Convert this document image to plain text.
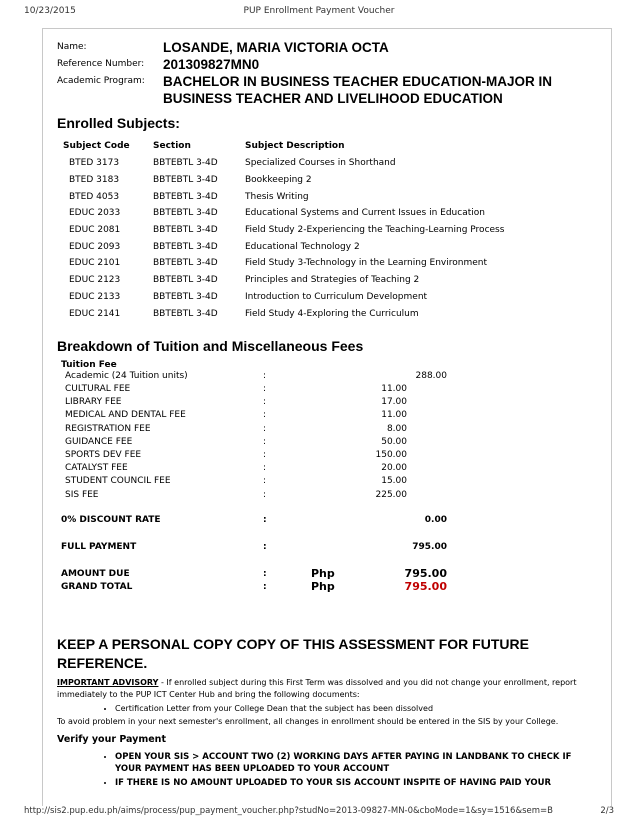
10/23/2015	PUP Enrollment Payment Voucher
Name:	LOSANDE, MARIA VICTORIA OCTA
Reference Number:	201309827MN0
Academic Program:	BACHELOR IN BUSINESS TEACHER EDUCATION-MAJOR IN BUSINESS TEACHER AND LIVELIHOOD EDUCATION
Enrolled Subjects:
Subject Code	Section	Subject Description
BTED 3173	BBTEBTL 3-4D	Specialized Courses in Shorthand
BTED 3183	BBTEBTL 3-4D	Bookkeeping 2
BTED 4053	BBTEBTL 3-4D	Thesis Writing
EDUC 2033	BBTEBTL 3-4D	Educational Systems and Current Issues in Education
EDUC 2081	BBTEBTL 3-4D	Field Study 2-Experiencing the Teaching-Learning Process
EDUC 2093	BBTEBTL 3-4D	Educational Technology 2
EDUC 2101	BBTEBTL 3-4D	Field Study 3-Technology in the Learning Environment
EDUC 2123	BBTEBTL 3-4D	Principles and Strategies of Teaching 2
EDUC 2133	BBTEBTL 3-4D	Introduction to Curriculum Development
EDUC 2141	BBTEBTL 3-4D	Field Study 4-Exploring the Curriculum
Breakdown of Tuition and Miscellaneous Fees
Tuition Fee
Academic (24 Tuition units)	:	288.00
CULTURAL FEE	:	11.00
LIBRARY FEE	:	17.00
MEDICAL AND DENTAL FEE	:	11.00
REGISTRATION FEE	:	8.00
GUIDANCE FEE	:	50.00
SPORTS DEV FEE	:	150.00
CATALYST FEE	:	20.00
STUDENT COUNCIL FEE	:	15.00
SIS FEE	:	225.00
0% DISCOUNT RATE	:	0.00
FULL PAYMENT	:	795.00
AMOUNT DUE	:	Php	795.00
GRAND TOTAL	:	Php	795.00
KEEP A PERSONAL COPY COPY OF THIS ASSESSMENT FOR FUTURE REFERENCE.
IMPORTANT ADVISORY - If enrolled subject during this First Term was dissolved and you did not change your enrollment, report immediately to the PUP ICT Center Hub and bring the following documents:
• Certification Letter from your College Dean that the subject has been dissolved
To avoid problem in your next semester's enrollment, all changes in enrollment should be entered in the SIS by your College.
Verify your Payment
• OPEN YOUR SIS > ACCOUNT TWO (2) WORKING DAYS AFTER PAYING IN LANDBANK TO CHECK IF YOUR PAYMENT HAS BEEN UPLOADED TO YOUR ACCOUNT
• IF THERE IS NO AMOUNT UPLOADED TO YOUR SIS ACCOUNT INSPITE OF HAVING PAID YOUR
http://sis2.pup.edu.ph/aims/process/pup_payment_voucher.php?studNo=2013-09827-MN-0&cboMode=1&sy=1516&sem=B	2/3
